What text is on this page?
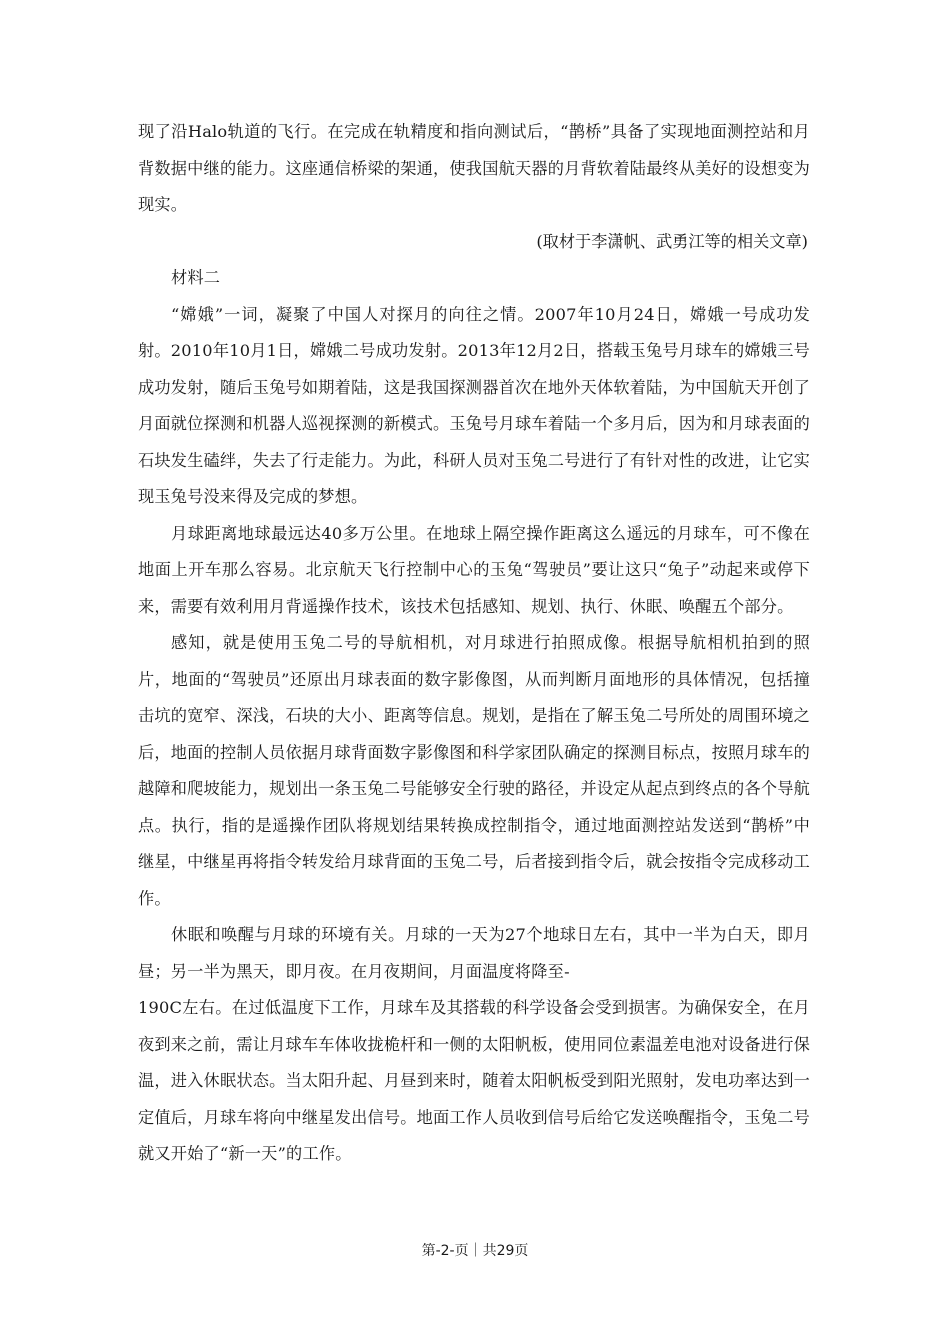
现了沿Halo轨道的飞行。在完成在轨精度和指向测试后，“鹊桥”具备了实现地面测控站和月背数据中继的能力。这座通信桥梁的架通，使我国航天器的月背软着陆最终从美好的设想变为现实。

(取材于李潇帆、武勇江等的相关文章)

材料二

“嫦娥”一词，凝聚了中国人对探月的向往之情。2007年10月24日，嫦娥一号成功发射。2010年10月1日，嫦娥二号成功发射。2013年12月2日，搭载玉兔号月球车的嫦娥三号成功发射，随后玉兔号如期着陆，这是我国探测器首次在地外天体软着陆，为中国航天开创了月面就位探测和机器人巡视探测的新模式。玉兔号月球车着陆一个多月后，因为和月球表面的石块发生磕绊，失去了行走能力。为此，科研人员对玉兔二号进行了有针对性的改进，让它实现玉兔号没来得及完成的梦想。

月球距离地球最远达40多万公里。在地球上隔空操作距离这么遥远的月球车，可不像在地面上开车那么容易。北京航天飞行控制中心的玉兔“驾驶员”要让这只“兔子”动起来或停下来，需要有效利用月背遥操作技术，该技术包括感知、规划、执行、休眠、唤醒五个部分。

感知，就是使用玉兔二号的导航相机，对月球进行拍照成像。根据导航相机拍到的照片，地面的“驾驶员”还原出月球表面的数字影像图，从而判断月面地形的具体情况，包括撞击坑的宽窄、深浅，石块的大小、距离等信息。规划，是指在了解玉兔二号所处的周围环境之后，地面的控制人员依据月球背面数字影像图和科学家团队确定的探测目标点，按照月球车的越障和爬坡能力，规划出一条玉兔二号能够安全行驶的路径，并设定从起点到终点的各个导航点。执行，指的是遥操作团队将规划结果转换成控制指令，通过地面测控站发送到“鹊桥”中继星，中继星再将指令转发给月球背面的玉兔二号，后者接到指令后，就会按指令完成移动工作。

休眠和唤醒与月球的环境有关。月球的一天为27个地球日左右，其中一半为白天，即月昼；另一半为黑天，即月夜。在月夜期间，月面温度将降至-

190C左右。在过低温度下工作，月球车及其搭载的科学设备会受到损害。为确保安全，在月夜到来之前，需让月球车车体收拢桅杆和一侧的太阳帆板，使用同位素温差电池对设备进行保温，进入休眠状态。当太阳升起、月昼到来时，随着太阳帆板受到阳光照射，发电功率达到一定值后，月球车将向中继星发出信号。地面工作人员收到信号后给它发送唤醒指令，玉兔二号就又开始了“新一天”的工作。

第-2-页｜共29页
